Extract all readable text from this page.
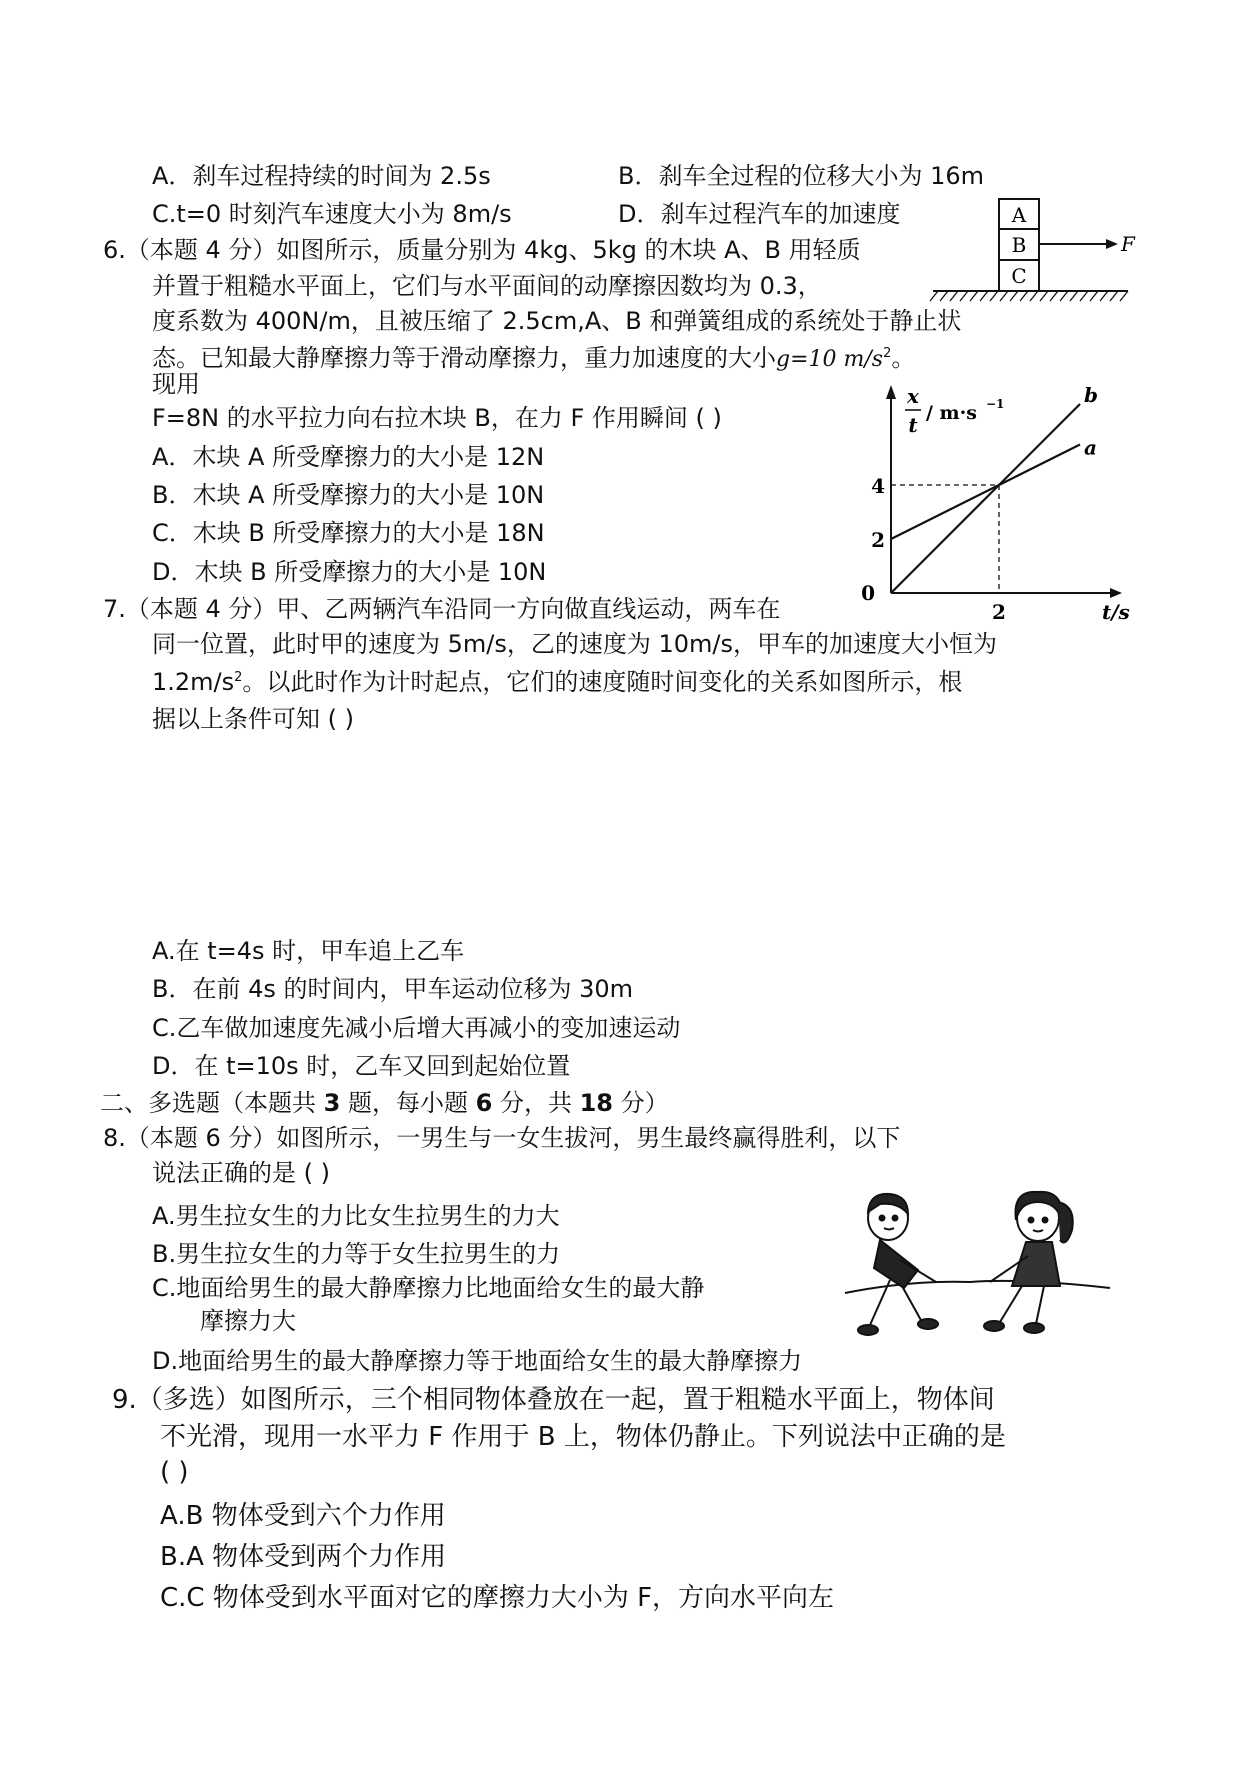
A．刹车过程持续的时间为 2.5s	B．刹车全过程的位移大小为 16m
C.t=0 时刻汽车速度大小为 8m/s	D．刹车过程汽车的加速度
6.（本题 4 分）如图所示，质量分别为 4kg、5kg 的木块 A、B 用轻质
并置于粗糙水平面上，它们与水平面间的动摩擦因数均为 0.3，
度系数为 400N/m，且被压缩了 2.5cm,A、B 和弹簧组成的系统处于静止状
态。已知最大静摩擦力等于滑动摩擦力，重力加速度的大小g=10 $m/s^2$。
现用
F=8N 的水平拉力向右拉木块 B，在力 F 作用瞬间 ( )
A．木块 A 所受摩擦力的大小是 12N
B．木块 A 所受摩擦力的大小是 10N
C．木块 B 所受摩擦力的大小是 18N
D．木块 B 所受摩擦力的大小是 10N
A
B
C
F
x
t / m·s −1
0
2
4
2
a
b
t/s
7.（本题 4 分）甲、乙两辆汽车沿同一方向做直线运动，两车在
同一位置，此时甲的速度为 5m/s，乙的速度为 10m/s，甲车的加速度大小恒为
$1.2m/s^2$。以此时作为计时起点，它们的速度随时间变化的关系如图所示，根
据以上条件可知 ( )
A.在 t=4s 时，甲车追上乙车
B．在前 4s 的时间内，甲车运动位移为 30m
C.乙车做加速度先减小后增大再减小的变加速运动
D．在 t=10s 时，乙车又回到起始位置
二、多选题（本题共 3 题，每小题 6 分，共 18 分）
8.（本题 6 分）如图所示，一男生与一女生拔河，男生最终赢得胜利，以下
说法正确的是 ( )
A.男生拉女生的力比女生拉男生的力大
B.男生拉女生的力等于女生拉男生的力
C.地面给男生的最大静摩擦力比地面给女生的最大静
摩擦力大
D.地面给男生的最大静摩擦力等于地面给女生的最大静摩擦力
9.（多选）如图所示，三个相同物体叠放在一起，置于粗糙水平面上，物体间
不光滑，现用一水平力 F 作用于 B 上，物体仍静止。下列说法中正确的是
( )
A.B 物体受到六个力作用
B.A 物体受到两个力作用
C.C 物体受到水平面对它的摩擦力大小为 F，方向水平向左
